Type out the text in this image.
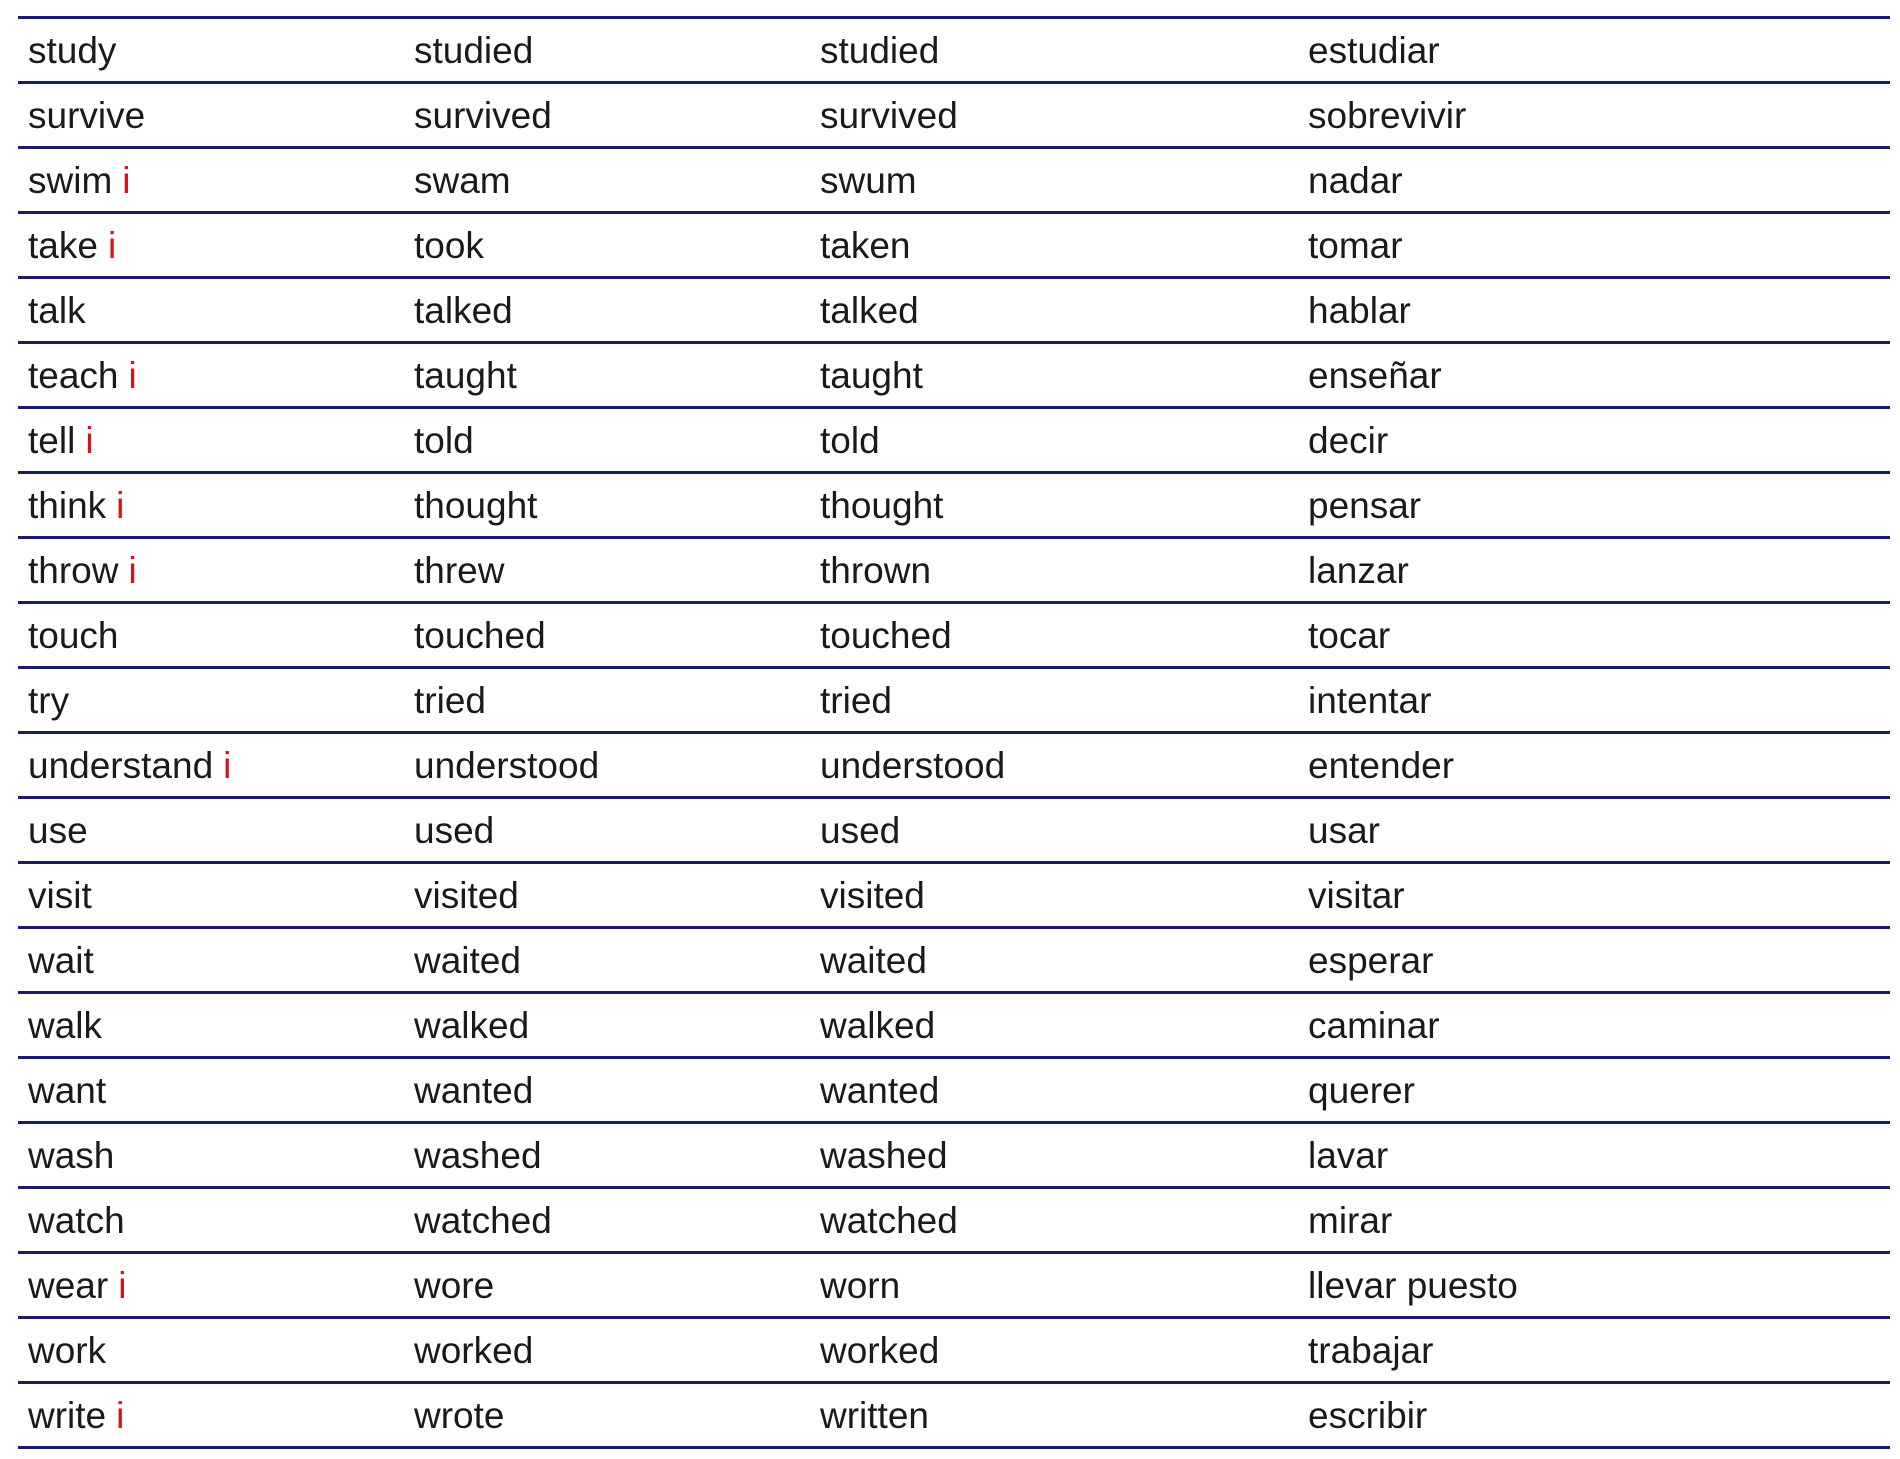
study	studied	studied	estudiar
survive	survived	survived	sobrevivir
swim i	swam	swum	nadar
take i	took	taken	tomar
talk	talked	talked	hablar
teach i	taught	taught	enseñar
tell i	told	told	decir
think i	thought	thought	pensar
throw i	threw	thrown	lanzar
touch	touched	touched	tocar
try	tried	tried	intentar
understand i	understood	understood	entender
use	used	used	usar
visit	visited	visited	visitar
wait	waited	waited	esperar
walk	walked	walked	caminar
want	wanted	wanted	querer
wash	washed	washed	lavar
watch	watched	watched	mirar
wear i	wore	worn	llevar puesto
work	worked	worked	trabajar
write i	wrote	written	escribir
